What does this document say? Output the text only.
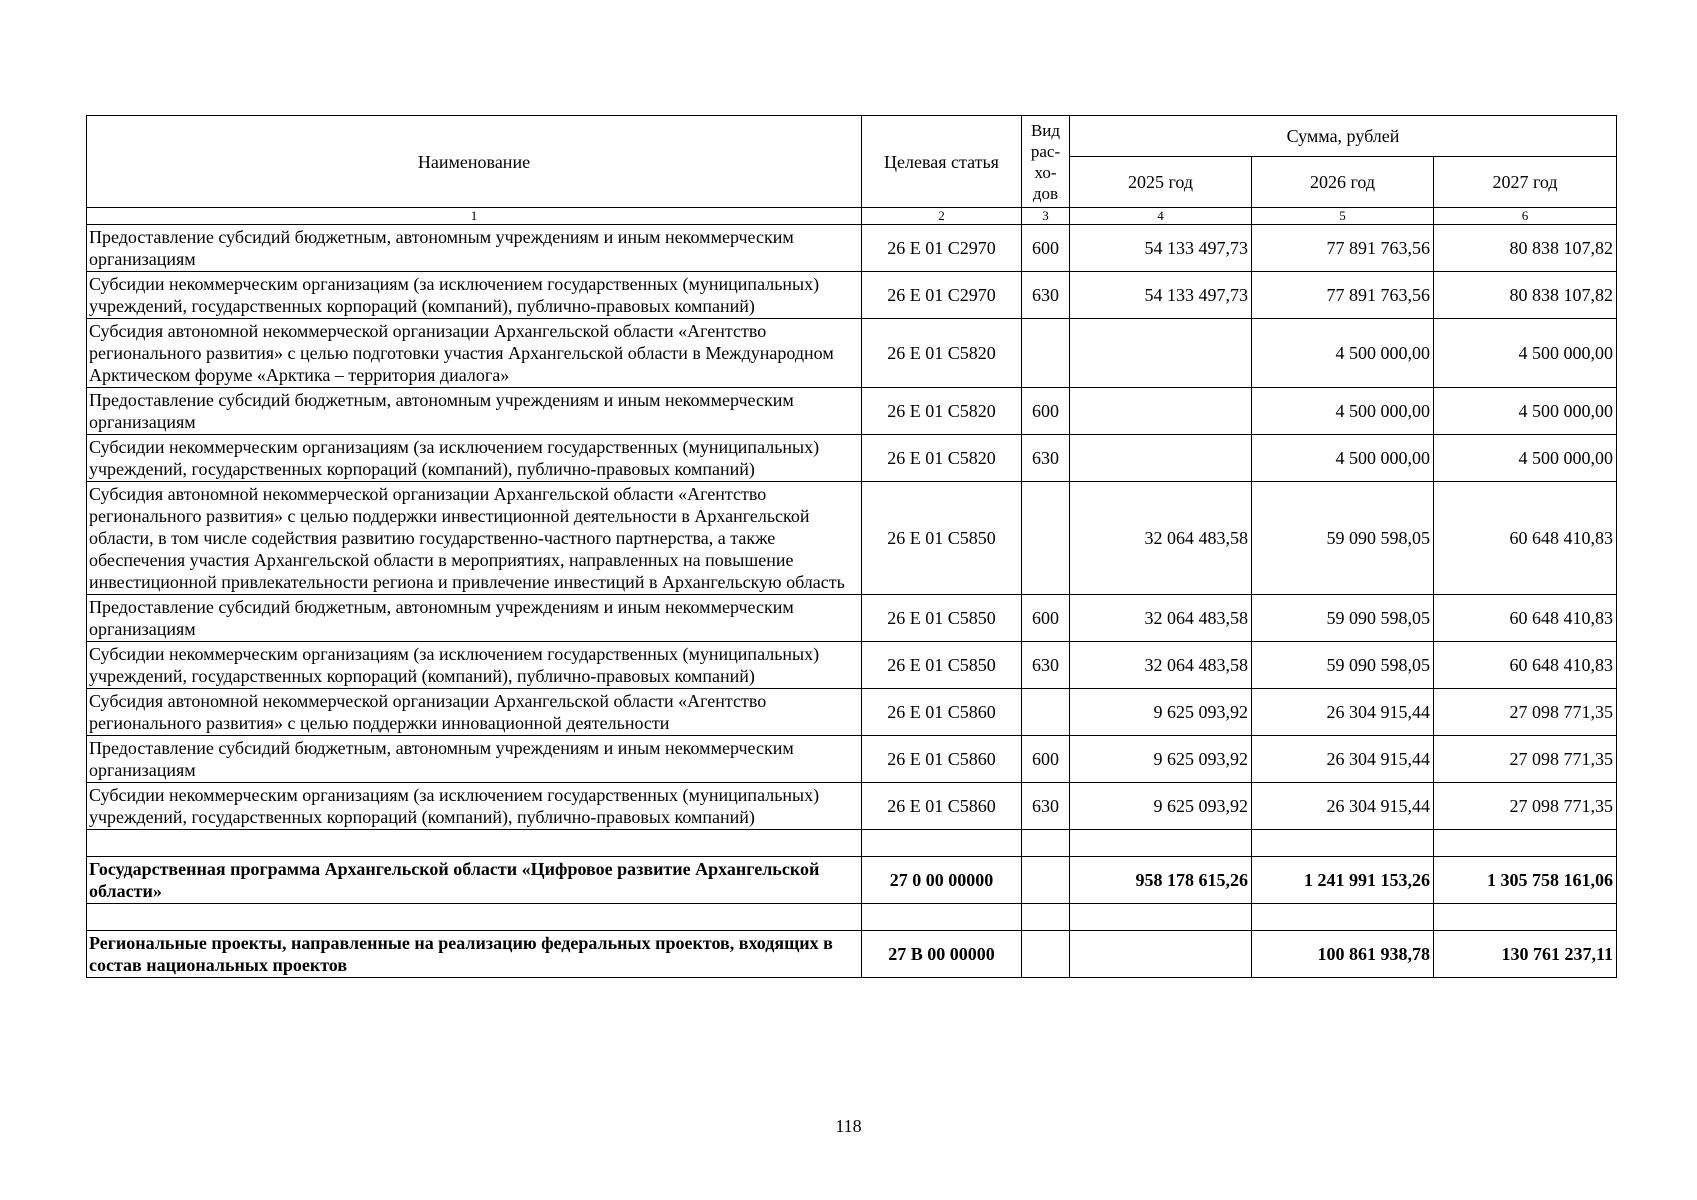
Наименование	Целевая статья	Вид рас-хо-дов	Сумма, рублей		
			2025 год	2026 год	2027 год
1	2	3	4	5	6
Предоставление субсидий бюджетным, автономным учреждениям и иным некоммерческим организациям	26 Е 01 С2970	600	54 133 497,73	77 891 763,56	80 838 107,82
Субсидии некоммерческим организациям (за исключением государственных (муниципальных) учреждений, государственных корпораций (компаний), публично-правовых компаний)	26 Е 01 С2970	630	54 133 497,73	77 891 763,56	80 838 107,82
Субсидия автономной некоммерческой организации Архангельской области «Агентство регионального развития» с целью подготовки участия Архангельской области в Международном Арктическом форуме «Арктика – территория диалога»	26 Е 01 С5820			4 500 000,00	4 500 000,00
Предоставление субсидий бюджетным, автономным учреждениям и иным некоммерческим организациям	26 Е 01 С5820	600		4 500 000,00	4 500 000,00
Субсидии некоммерческим организациям (за исключением государственных (муниципальных) учреждений, государственных корпораций (компаний), публично-правовых компаний)	26 Е 01 С5820	630		4 500 000,00	4 500 000,00
Субсидия автономной некоммерческой организации Архангельской области «Агентство регионального развития» с целью поддержки инвестиционной деятельности в Архангельской области, в том числе содействия развитию государственно-частного партнерства, а также обеспечения участия Архангельской области в мероприятиях, направленных на повышение инвестиционной привлекательности региона и привлечение инвестиций в Архангельскую область	26 Е 01 С5850		32 064 483,58	59 090 598,05	60 648 410,83
Предоставление субсидий бюджетным, автономным учреждениям и иным некоммерческим организациям	26 Е 01 С5850	600	32 064 483,58	59 090 598,05	60 648 410,83
Субсидии некоммерческим организациям (за исключением государственных (муниципальных) учреждений, государственных корпораций (компаний), публично-правовых компаний)	26 Е 01 С5850	630	32 064 483,58	59 090 598,05	60 648 410,83
Субсидия автономной некоммерческой организации Архангельской области «Агентство регионального развития» с целью поддержки инновационной деятельности	26 Е 01 С5860		9 625 093,92	26 304 915,44	27 098 771,35
Предоставление субсидий бюджетным, автономным учреждениям и иным некоммерческим организациям	26 Е 01 С5860	600	9 625 093,92	26 304 915,44	27 098 771,35
Субсидии некоммерческим организациям (за исключением государственных (муниципальных) учреждений, государственных корпораций (компаний), публично-правовых компаний)	26 Е 01 С5860	630	9 625 093,92	26 304 915,44	27 098 771,35

Государственная программа Архангельской области «Цифровое развитие Архангельской области»	27 0 00 00000		958 178 615,26	1 241 991 153,26	1 305 758 161,06

Региональные проекты, направленные на реализацию федеральных проектов, входящих в состав национальных проектов	27 В 00 00000			100 861 938,78	130 761 237,11
118
